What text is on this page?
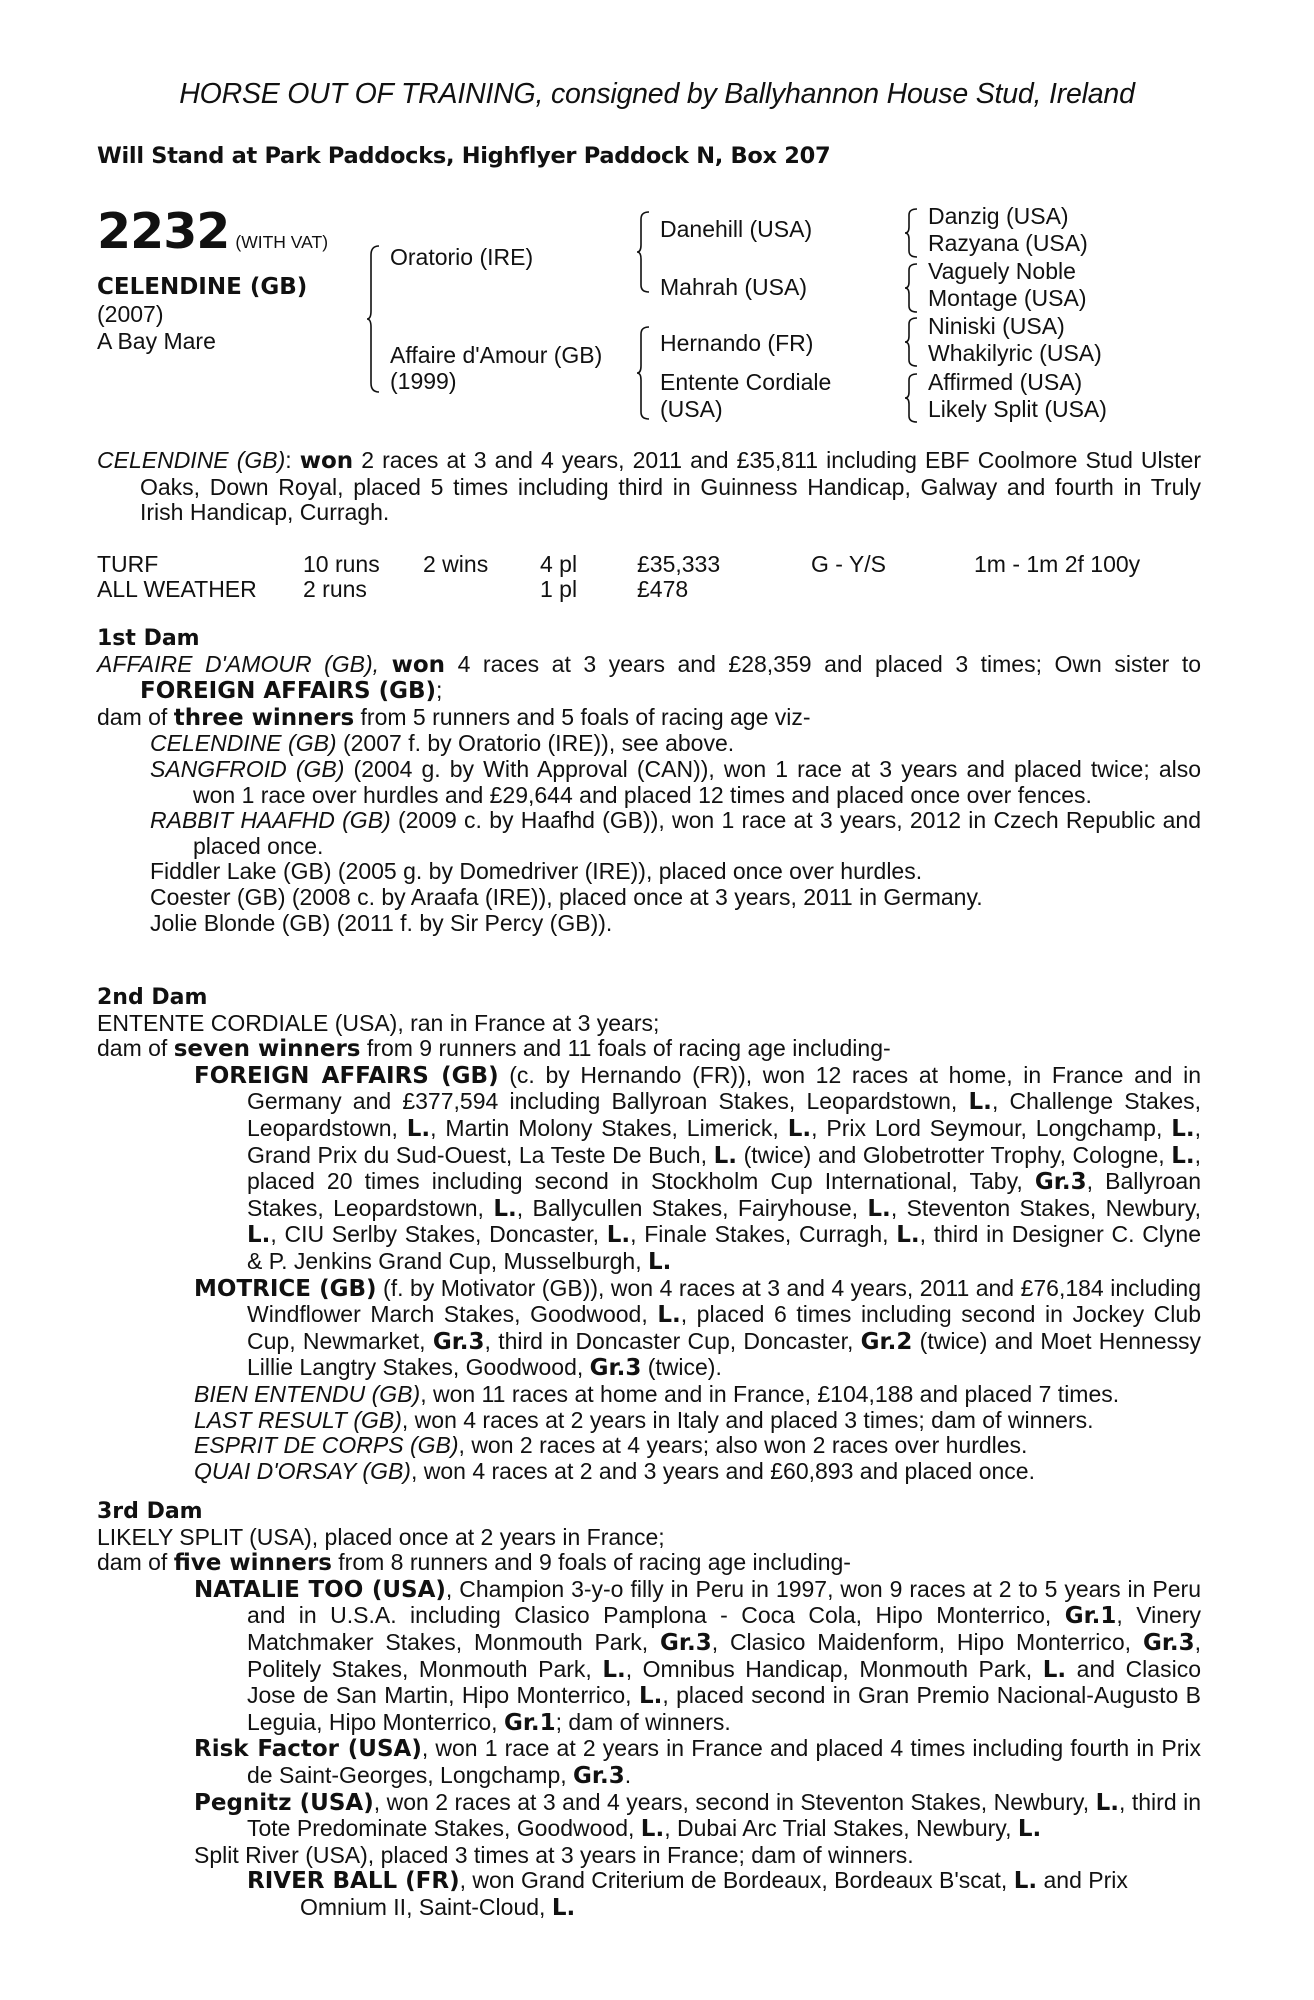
HORSE OUT OF TRAINING, consigned by Ballyhannon House Stud, Ireland
Will Stand at Park Paddocks, Highflyer Paddock N, Box 207
2232 (WITH VAT)
CELENDINE (GB)
(2007)
A Bay Mare
Oratorio (IRE)
Affaire d'Amour (GB)
(1999)
Danehill (USA)
Mahrah (USA)
Hernando (FR)
Entente Cordiale
(USA)
Danzig (USA)
Razyana (USA)
Vaguely Noble
Montage (USA)
Niniski (USA)
Whakilyric (USA)
Affirmed (USA)
Likely Split (USA)

CELENDINE (GB): won 2 races at 3 and 4 years, 2011 and £35,811 including EBF Coolmore Stud Ulster Oaks, Down Royal, placed 5 times including third in Guinness Handicap, Galway and fourth in Truly Irish Handicap, Curragh.

TURF	10 runs 2 wins 4 pl	£35,333	G - Y/S	1m - 1m 2f 100y
ALL WEATHER 2 runs	1 pl	£478

1st Dam

AFFAIRE D'AMOUR (GB), won 4 races at 3 years and £28,359 and placed 3 times; Own sister to FOREIGN AFFAIRS (GB);

dam of three winners from 5 runners and 5 foals of racing age viz-

CELENDINE (GB) (2007 f. by Oratorio (IRE)), see above.

SANGFROID (GB) (2004 g. by With Approval (CAN)), won 1 race at 3 years and placed twice; also won 1 race over hurdles and £29,644 and placed 12 times and placed once over fences.

RABBIT HAAFHD (GB) (2009 c. by Haafhd (GB)), won 1 race at 3 years, 2012 in Czech Republic and placed once.

Fiddler Lake (GB) (2005 g. by Domedriver (IRE)), placed once over hurdles.

Coester (GB) (2008 c. by Araafa (IRE)), placed once at 3 years, 2011 in Germany.

Jolie Blonde (GB) (2011 f. by Sir Percy (GB)).

2nd Dam

ENTENTE CORDIALE (USA), ran in France at 3 years;

dam of seven winners from 9 runners and 11 foals of racing age including-

FOREIGN AFFAIRS (GB) (c. by Hernando (FR)), won 12 races at home, in France and in Germany and £377,594 including Ballyroan Stakes, Leopardstown, L., Challenge Stakes, Leopardstown, L., Martin Molony Stakes, Limerick, L., Prix Lord Seymour, Longchamp, L., Grand Prix du Sud-Ouest, La Teste De Buch, L. (twice) and Globetrotter Trophy, Cologne, L., placed 20 times including second in Stockholm Cup International, Taby, Gr.3, Ballyroan Stakes, Leopardstown, L., Ballycullen Stakes, Fairyhouse, L., Steventon Stakes, Newbury, L., CIU Serlby Stakes, Doncaster, L., Finale Stakes, Curragh, L., third in Designer C. Clyne & P. Jenkins Grand Cup, Musselburgh, L.

MOTRICE (GB) (f. by Motivator (GB)), won 4 races at 3 and 4 years, 2011 and £76,184 including Windflower March Stakes, Goodwood, L., placed 6 times including second in Jockey Club Cup, Newmarket, Gr.3, third in Doncaster Cup, Doncaster, Gr.2 (twice) and Moet Hennessy Lillie Langtry Stakes, Goodwood, Gr.3 (twice).

BIEN ENTENDU (GB), won 11 races at home and in France, £104,188 and placed 7 times.

LAST RESULT (GB), won 4 races at 2 years in Italy and placed 3 times; dam of winners.

ESPRIT DE CORPS (GB), won 2 races at 4 years; also won 2 races over hurdles.

QUAI D'ORSAY (GB), won 4 races at 2 and 3 years and £60,893 and placed once.

3rd Dam

LIKELY SPLIT (USA), placed once at 2 years in France;

dam of five winners from 8 runners and 9 foals of racing age including-

NATALIE TOO (USA), Champion 3-y-o filly in Peru in 1997, won 9 races at 2 to 5 years in Peru and in U.S.A. including Clasico Pamplona - Coca Cola, Hipo Monterrico, Gr.1, Vinery Matchmaker Stakes, Monmouth Park, Gr.3, Clasico Maidenform, Hipo Monterrico, Gr.3, Politely Stakes, Monmouth Park, L., Omnibus Handicap, Monmouth Park, L. and Clasico Jose de San Martin, Hipo Monterrico, L., placed second in Gran Premio Nacional-Augusto B Leguia, Hipo Monterrico, Gr.1; dam of winners.

Risk Factor (USA), won 1 race at 2 years in France and placed 4 times including fourth in Prix de Saint-Georges, Longchamp, Gr.3.

Pegnitz (USA), won 2 races at 3 and 4 years, second in Steventon Stakes, Newbury, L., third in Tote Predominate Stakes, Goodwood, L., Dubai Arc Trial Stakes, Newbury, L.

Split River (USA), placed 3 times at 3 years in France; dam of winners.

RIVER BALL (FR), won Grand Criterium de Bordeaux, Bordeaux B'scat, L. and Prix Omnium II, Saint-Cloud, L.
